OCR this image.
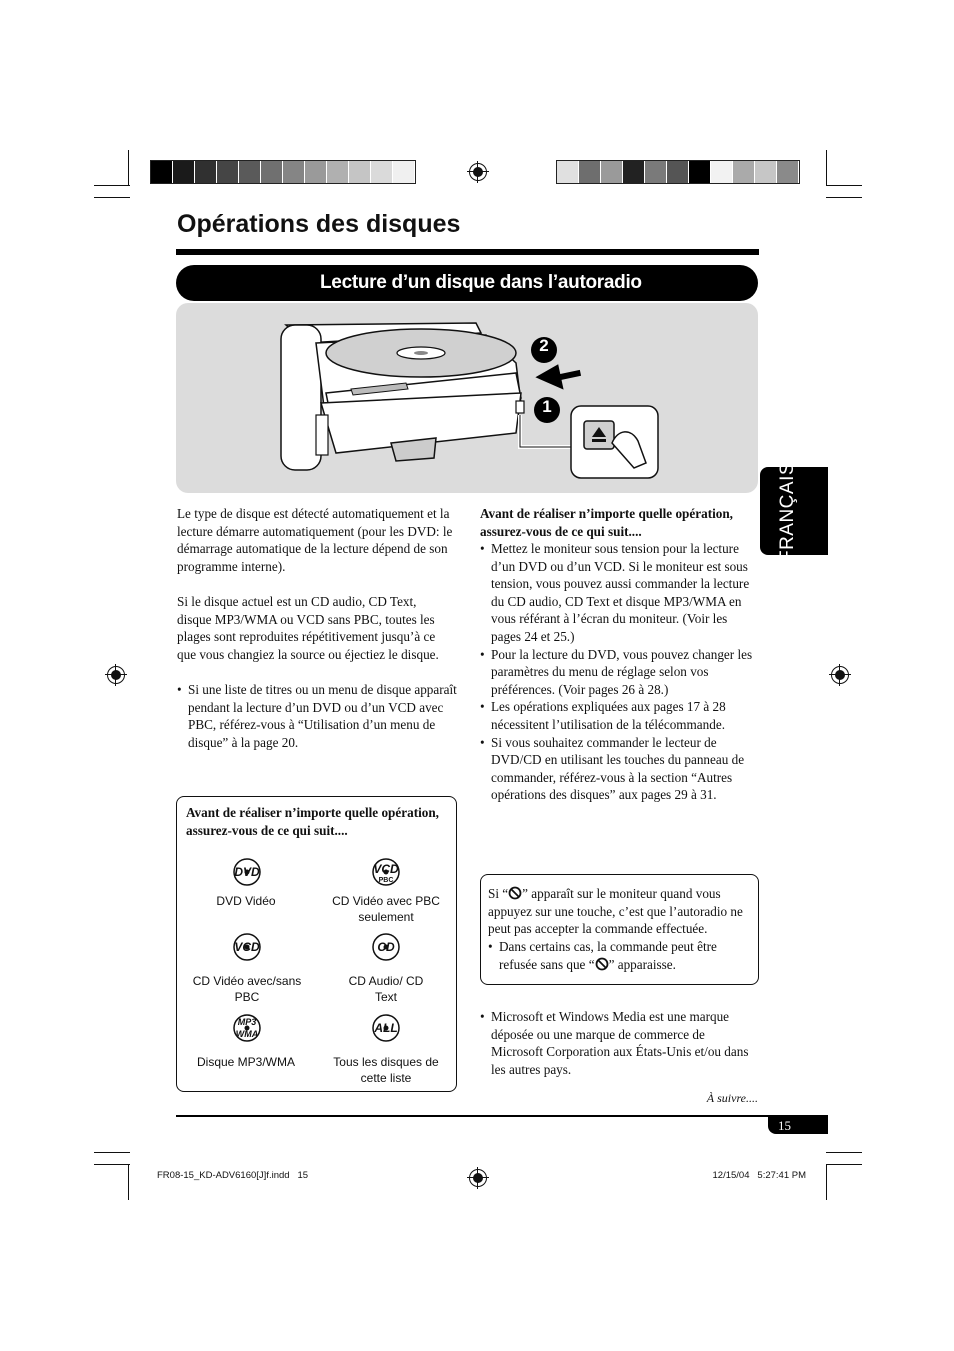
Opérations des disques
Lecture d’un disque dans l’autoradio
2
1
FRANÇAIS
Le type de disque est détecté automatiquement et la lecture démarre automatiquement (pour les DVD: le démarrage automatique de la lecture dépend de son programme interne).
Si le disque actuel est un CD audio, CD Text, disque MP3/WMA ou VCD sans PBC, toutes les plages sont reproduites répétitivement jusqu’à ce que vous changiez la source ou éjectiez le disque.
• Si une liste de titres ou un menu de disque apparaît pendant la lecture d’un DVD ou d’un VCD avec PBC, référez-vous à “Utilisation d’un menu de disque” à la page 20.
Avant de réaliser n’importe quelle opération, assurez-vous de ce qui suit....
DVD
DVD Vidéo
VCD
PBC
CD Vidéo avec PBC seulement
VCD
CD Vidéo avec/sans PBC
CD
CD Audio/ CD Text
MP3
WMA
Disque MP3/WMA
ALL
Tous les disques de cette liste
Avant de réaliser n’importe quelle opération, assurez-vous de ce qui suit....
• Mettez le moniteur sous tension pour la lecture d’un DVD ou d’un VCD. Si le moniteur est sous tension, vous pouvez aussi commander la lecture du CD audio, CD Text et disque MP3/WMA en vous référant à l’écran du moniteur. (Voir les pages 24 et 25.)
• Pour la lecture du DVD, vous pouvez changer les paramètres du menu de réglage selon vos préférences. (Voir pages 26 à 28.)
• Les opérations expliquées aux pages 17 à 28 nécessitent l’utilisation de la télécommande.
• Si vous souhaitez commander le lecteur de DVD/CD en utilisant les touches du panneau de commander, référez-vous à la section “Autres opérations des disques” aux pages 29 à 31.
Si “ ” apparaît sur le moniteur quand vous appuyez sur une touche, c’est que l’autoradio ne peut pas accepter la commande effectuée.
• Dans certains cas, la commande peut être refusée sans que “ ” apparaisse.
• Microsoft et Windows Media est une marque déposée ou une marque de commerce de Microsoft Corporation aux États-Unis et/ou dans les autres pays.
À suivre....
15
FR08-15_KD-ADV6160[J]f.indd   15	12/15/04   5:27:41 PM
